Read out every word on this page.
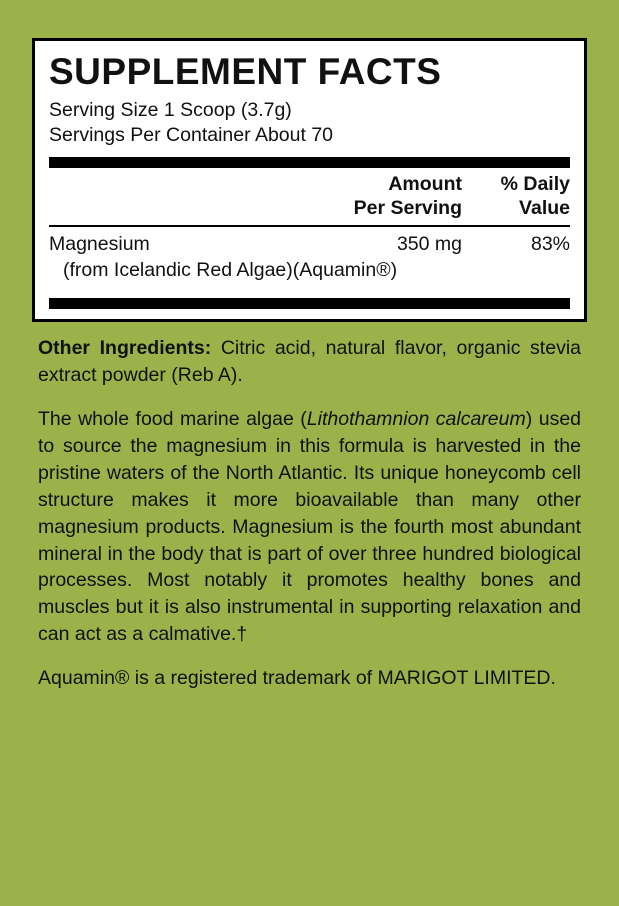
SUPPLEMENT FACTS
Serving Size 1 Scoop (3.7g)
Servings Per Container About 70
Amount
Per Serving
% Daily
Value
Magnesium	350 mg	83%
(from Icelandic Red Algae)(Aquamin®)

Other Ingredients: Citric acid, natural flavor, organic stevia extract powder (Reb A).

The whole food marine algae (Lithothamnion calcareum) used to source the magnesium in this formula is harvested in the pristine waters of the North Atlantic. Its unique honeycomb cell structure makes it more bioavailable than many other magnesium products. Magnesium is the fourth most abundant mineral in the body that is part of over three hundred biological processes. Most notably it promotes healthy bones and muscles but it is also instrumental in supporting relaxation and can act as a calmative.†

Aquamin® is a registered trademark of MARIGOT LIMITED.
